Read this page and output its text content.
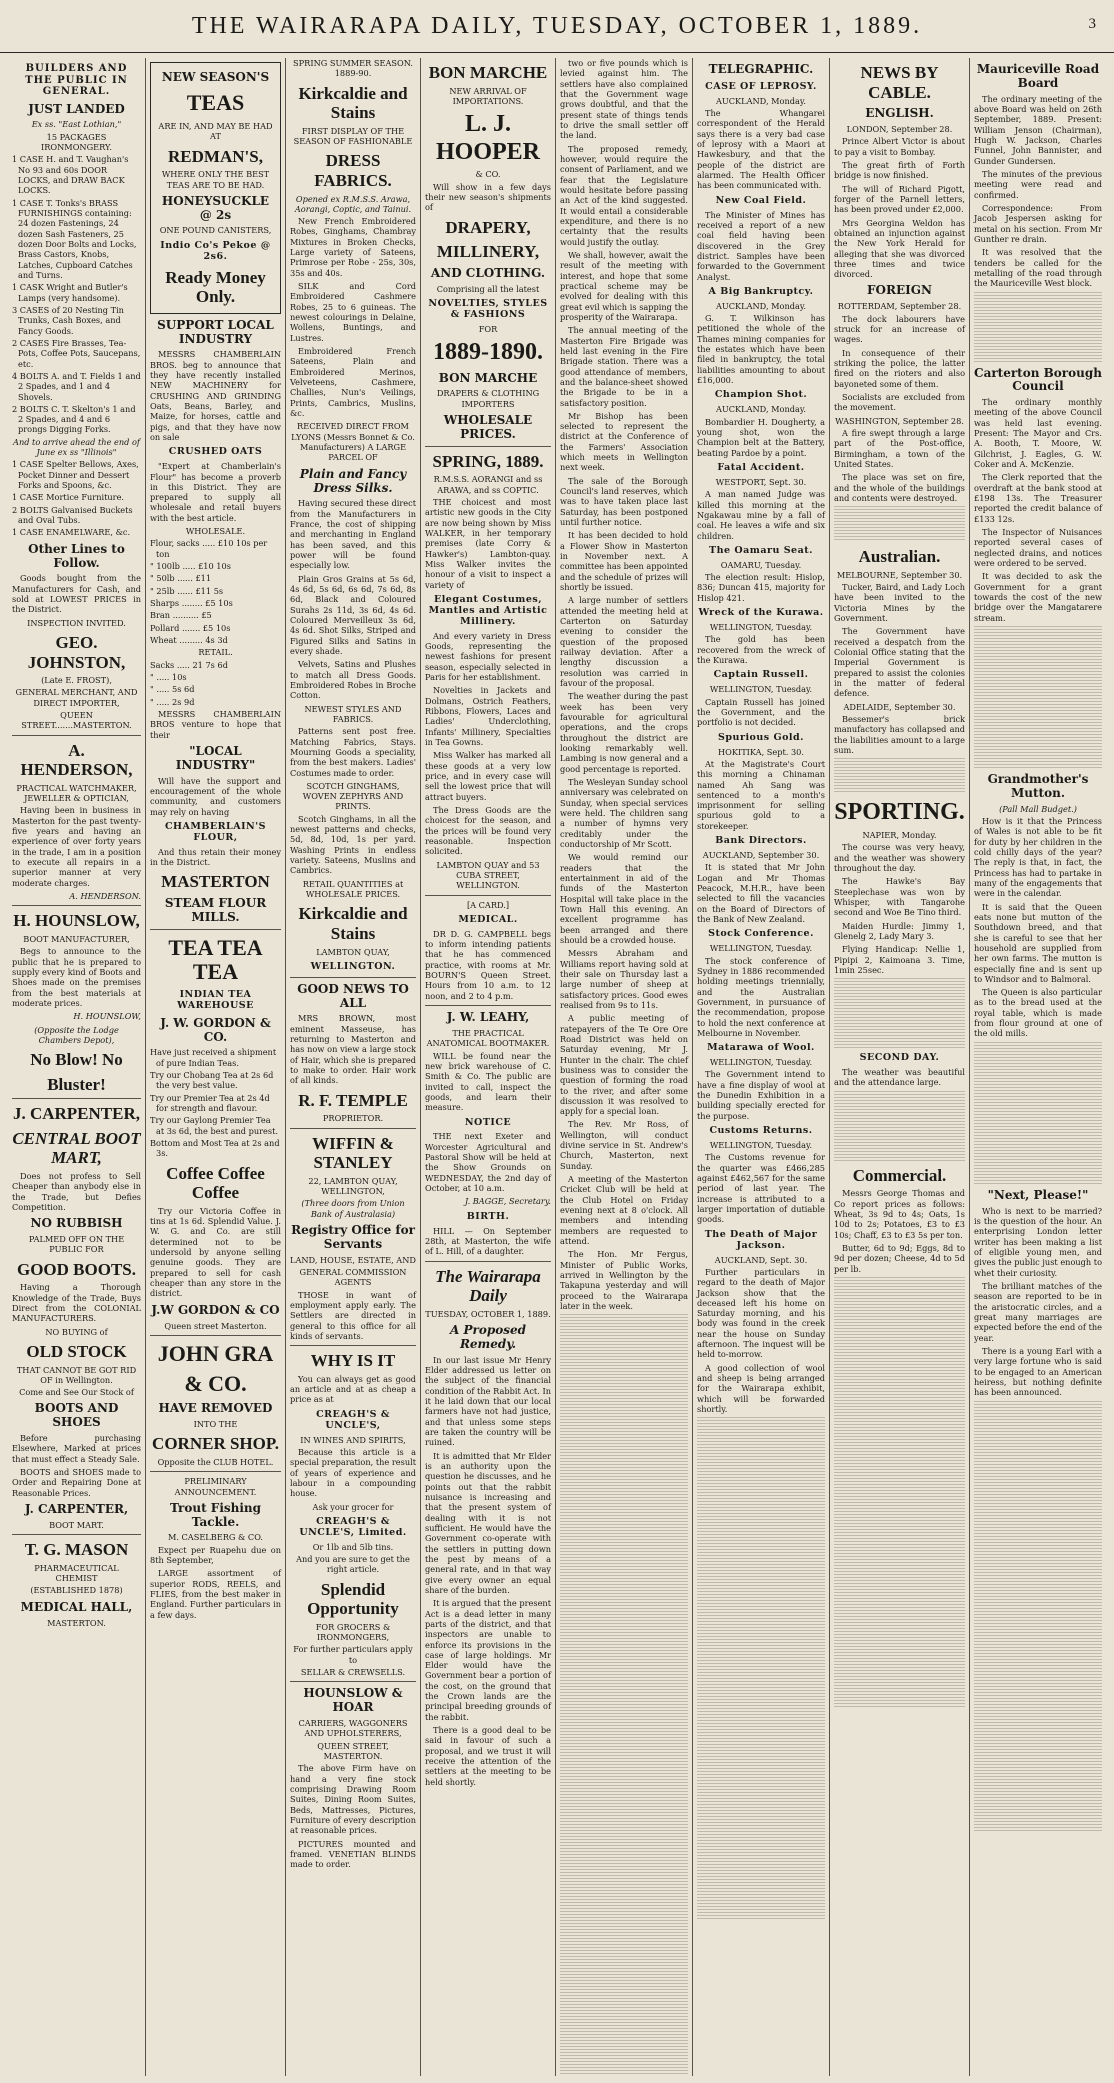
THE WAIRARAPA DAILY, TUESDAY, OCTOBER 1, 1889.	3
BUILDERS AND THE PUBLIC IN GENERAL.
JUST LANDED
Ex ss. "East Lothian,"
15 PACKAGES IRONMONGERY.
1 CASE H. and T. Vaughan's No 93 and 60s DOOR LOCKS, and DRAW BACK LOCKS.
1 CASE T. Tonks's BRASS FURNISHINGS containing: 24 dozen Fastenings, 24 dozen Sash Fasteners, 25 dozen Door Bolts and Locks, Brass Castors, Knobs, Latches, Cupboard Catches and Turns.
1 CASK Wright and Butler's Lamps (very handsome).
3 CASES of 20 Nesting Tin Trunks, Cash Boxes, and Fancy Goods.
2 CASES Fire Brasses, Tea-Pots, Coffee Pots, Saucepans, etc.
4 BOLTS A. and T. Fields 1 and 2 Spades, and 1 and 4 Shovels.
2 BOLTS C. T. Skelton's 1 and 2 Spades, and 4 and 6 prongs Digging Forks.
And to arrive ahead the end of June ex ss "Illinois"
1 CASE Spelter Bellows, Axes, Pocket Dinner and Dessert Forks and Spoons, &c.
1 CASE Mortice Furniture.
2 BOLTS Galvanised Buckets and Oval Tubs.
1 CASE ENAMELWARE, &c.
Other Lines to Follow.
Goods bought from the Manufacturers for Cash, and sold at LOWEST PRICES in the District.
INSPECTION INVITED.
GEO. JOHNSTON,
(Late E. FROST),
GENERAL MERCHANT, AND DIRECT IMPORTER,
QUEEN STREET.......MASTERTON.
A. HENDERSON,
PRACTICAL WATCHMAKER, JEWELLER & OPTICIAN,
Having been in business in Masterton for the past twenty-five years and having an experience of over forty years in the trade, I am in a position to execute all repairs in a superior manner at very moderate charges.
A. HENDERSON.
H. HOUNSLOW,
BOOT MANUFACTURER,
Begs to announce to the public that he is prepared to supply every kind of Boots and Shoes made on the premises from the best materials at moderate prices.
H. HOUNSLOW,
(Opposite the Lodge Chambers Depot),
No Blow! No
Bluster!
J. CARPENTER,
CENTRAL BOOT MART,
Does not profess to Sell Cheaper than anybody else in the Trade, but Defies Competition.
NO RUBBISH
PALMED OFF ON THE PUBLIC FOR
GOOD BOOTS.
Having a Thorough Knowledge of the Trade, Buys Direct from the COLONIAL MANUFACTURERS.
NO BUYING of
OLD STOCK
THAT CANNOT BE GOT RID OF in Wellington.
Come and See Our Stock of
BOOTS AND SHOES
Before purchasing Elsewhere, Marked at prices that must effect a Steady Sale.
BOOTS and SHOES made to Order and Repairing Done at Reasonable Prices.
J. CARPENTER,
BOOT MART.
T. G. MASON
PHARMACEUTICAL CHEMIST
(ESTABLISHED 1878)
MEDICAL HALL,
MASTERTON.
NEW SEASON'S
TEAS
ARE IN, AND MAY BE HAD AT
REDMAN'S,
WHERE ONLY THE BEST TEAS ARE TO BE HAD.
HONEYSUCKLE @ 2s
ONE POUND CANISTERS,
Indio Co's Pekoe @ 2s6.
Ready Money Only.
SUPPORT LOCAL INDUSTRY
MESSRS CHAMBERLAIN BROS. beg to announce that they have recently installed NEW MACHINERY for CRUSHING AND GRINDING Oats, Beans, Barley, and Maize, for horses, cattle and pigs, and that they have now on sale
CRUSHED OATS
"Expert at Chamberlain's Flour" has become a proverb in this District. They are prepared to supply all wholesale and retail buyers with the best article.
WHOLESALE.
Flour, sacks ..... £10 10s per ton
" 100lb ..... £10 10s
" 50lb ...... £11
" 25lb ...... £11 5s
Sharps ........ £5 10s
Bran .......... £5
Pollard ....... £5 10s
Wheat ......... 4s 3d
RETAIL.
Sacks ..... 21 7s 6d
" ..... 10s
" ..... 5s 6d
" ..... 2s 9d
MESSRS CHAMBERLAIN BROS venture to hope that their
"LOCAL INDUSTRY"
Will have the support and encouragement of the whole community, and customers may rely on having
CHAMBERLAIN'S FLOUR,
And thus retain their money in the District.
MASTERTON
STEAM FLOUR MILLS.
TEA TEA TEA
INDIAN TEA WAREHOUSE
J. W. GORDON & CO.
Have just received a shipment of pure Indian Teas.
Try our Chobang Tea at 2s 6d the very best value.
Try our Premier Tea at 2s 4d for strength and flavour.
Try our Gaylong Premier Tea at 3s 6d, the best and purest.
Bottom and Most Tea at 2s and 3s.
Coffee Coffee Coffee
Try our Victoria Coffee in tins at 1s 6d. Splendid Value. J. W. G. and Co. are still determined not to be undersold by anyone selling genuine goods. They are prepared to sell for cash cheaper than any store in the district.
J.W GORDON & CO
Queen street Masterton.
JOHN GRA
& CO.
HAVE REMOVED
INTO THE
CORNER SHOP.
Opposite the CLUB HOTEL.
PRELIMINARY ANNOUNCEMENT.
Trout Fishing Tackle.
M. CASELBERG & CO.
Expect per Ruapehu due on 8th September,
LARGE assortment of superior RODS, REELS, and FLIES, from the best maker in England. Further particulars in a few days.
SPRING SUMMER SEASON. 1889-90.
Kirkcaldie and Stains
FIRST DISPLAY OF THE SEASON OF FASHIONABLE
DRESS FABRICS.
Opened ex R.M.S.S. Arawa, Aorangi, Coptic, and Tainui.
New French Embroidered Robes, Ginghams, Chambray Mixtures in Broken Checks, Large variety of Sateens, Primrose per Robe - 25s, 30s, 35s and 40s.
SILK and Cord Embroidered Cashmere Robes, 25 to 6 guineas. The newest colourings in Delaine, Wollens, Buntings, and Lustres.
Embroidered French Sateens, Plain and Embroidered Merinos, Velveteens, Cashmere, Challies, Nun's Veilings, Prints, Cambrics, Muslins, &c.
RECEIVED DIRECT FROM LYONS (Messrs Bonnet & Co. Manufacturers) A LARGE PARCEL OF
Plain and Fancy Dress Silks.
Having secured these direct from the Manufacturers in France, the cost of shipping and merchanting in England has been saved, and this power will be found especially low.
Plain Gros Grains at 5s 6d, 4s 6d, 5s 6d, 6s 6d, 7s 6d, 8s 6d, Black and Coloured Surahs 2s 11d, 3s 6d, 4s 6d. Coloured Merveilleux 3s 6d, 4s 6d. Shot Silks, Striped and Figured Silks and Satins in every shade.
Velvets, Satins and Plushes to match all Dress Goods. Embroidered Robes in Broche Cotton.
NEWEST STYLES AND FABRICS.
Patterns sent post free. Matching Fabrics, Stays. Mourning Goods a speciality, from the best makers. Ladies' Costumes made to order.
SCOTCH GINGHAMS, WOVEN ZEPHYRS AND PRINTS.
Scotch Ginghams, in all the newest patterns and checks, 5d, 8d, 10d, 1s per yard. Washing Prints in endless variety. Sateens, Muslins and Cambrics.
RETAIL QUANTITIES at WHOLESALE PRICES.
Kirkcaldie and Stains
LAMBTON QUAY,
WELLINGTON.
GOOD NEWS TO ALL
MRS BROWN, most eminent Masseuse, has returning to Masterton and has now on view a large stock of Hair, which she is prepared to make to order. Hair work of all kinds.
R. F. TEMPLE
PROPRIETOR.
WIFFIN & STANLEY
22, LAMBTON QUAY, WELLINGTON,
(Three doors from Union Bank of Australasia)
Registry Office for Servants
LAND, HOUSE, ESTATE, AND
GENERAL COMMISSION AGENTS
THOSE in want of employment apply early. The Settlers are directed in general to this office for all kinds of servants.
WHY IS IT
You can always get as good an article and at as cheap a price as at
CREAGH'S & UNCLE'S,
IN WINES AND SPIRITS,
Because this article is a special preparation, the result of years of experience and labour in a compounding house.
Ask your grocer for
CREAGH'S & UNCLE'S, Limited.
Or 1lb and 5lb tins.
And you are sure to get the right article.
Splendid Opportunity
FOR GROCERS & IRONMONGERS,
For further particulars apply to
SELLAR & CREWSELLS.
HOUNSLOW & HOAR
CARRIERS, WAGGONERS AND UPHOLSTERERS,
QUEEN STREET, MASTERTON.
The above Firm have on hand a very fine stock comprising Drawing Room Suites, Dining Room Suites, Beds, Mattresses, Pictures, Furniture of every description at reasonable prices.
PICTURES mounted and framed. VENETIAN BLINDS made to order.
BON MARCHE
NEW ARRIVAL OF IMPORTATIONS.
L. J. HOOPER
& CO.
Will show in a few days their new season's shipments of
DRAPERY,
MILLINERY,
AND CLOTHING.
Comprising all the latest
NOVELTIES, STYLES & FASHIONS
FOR
1889-1890.
BON MARCHE
DRAPERS & CLOTHING IMPORTERS
WHOLESALE PRICES.
SPRING, 1889.
R.M.S.S. AORANGI and ss ARAWA, and ss COPTIC.
THE choicest and most artistic new goods in the City are now being shown by Miss WALKER, in her temporary premises (late Corry & Hawker's) Lambton-quay. Miss Walker invites the honour of a visit to inspect a variety of
Elegant Costumes, Mantles and Artistic Millinery.
And every variety in Dress Goods, representing the newest fashions for present season, especially selected in Paris for her establishment.
Novelties in Jackets and Dolmans, Ostrich Feathers, Ribbons, Flowers, Laces and Ladies' Underclothing, Infants' Millinery, Specialties in Tea Gowns.
Miss Walker has marked all these goods at a very low price, and in every case will sell the lowest price that will attract buyers.
The Dress Goods are the choicest for the season, and the prices will be found very reasonable. Inspection solicited.
LAMBTON QUAY and 53 CUBA STREET, WELLINGTON.
[A CARD.]
MEDICAL.
DR D. G. CAMPBELL begs to inform intending patients that he has commenced practice, with rooms at Mr. BOURN'S Queen Street. Hours from 10 a.m. to 12 noon, and 2 to 4 p.m.
J. W. LEAHY,
THE PRACTICAL ANATOMICAL BOOTMAKER.
WILL be found near the new brick warehouse of C. Smith & Co. The public are invited to call, inspect the goods, and learn their measure.
NOTICE
THE next Exeter and Worcester Agricultural and Pastoral Show will be held at the Show Grounds on WEDNESDAY, the 2nd day of October, at 10 a.m.
J. BAGGE, Secretary.
BIRTH.
HILL — On September 28th, at Masterton, the wife of L. Hill, of a daughter.
The Wairarapa Daily
TUESDAY, OCTOBER 1, 1889.
A Proposed Remedy.
In our last issue Mr Henry Elder addressed us letter on the subject of the financial condition of the Rabbit Act. In it he laid down that our local farmers have not had justice, and that unless some steps are taken the country will be ruined.
It is admitted that Mr Elder is an authority upon the question he discusses, and he points out that the rabbit nuisance is increasing and that the present system of dealing with it is not sufficient. He would have the Government co-operate with the settlers in putting down the pest by means of a general rate, and in that way give every owner an equal share of the burden.
It is argued that the present Act is a dead letter in many parts of the district, and that inspectors are unable to enforce its provisions in the case of large holdings. Mr Elder would have the Government bear a portion of the cost, on the ground that the Crown lands are the principal breeding grounds of the rabbit.
There is a good deal to be said in favour of such a proposal, and we trust it will receive the attention of the settlers at the meeting to be held shortly.
two or five pounds which is levied against him. The settlers have also complained that the Government wage grows doubtful, and that the present state of things tends to drive the small settler off the land.
The proposed remedy, however, would require the consent of Parliament, and we fear that the Legislature would hesitate before passing an Act of the kind suggested. It would entail a considerable expenditure, and there is no certainty that the results would justify the outlay.
We shall, however, await the result of the meeting with interest, and hope that some practical scheme may be evolved for dealing with this great evil which is sapping the prosperity of the Wairarapa.
The annual meeting of the Masterton Fire Brigade was held last evening in the Fire Brigade station. There was a good attendance of members, and the balance-sheet showed the Brigade to be in a satisfactory position.
Mr Bishop has been selected to represent the district at the Conference of the Farmers' Association which meets in Wellington next week.
The sale of the Borough Council's land reserves, which was to have taken place last Saturday, has been postponed until further notice.
It has been decided to hold a Flower Show in Masterton in November next. A committee has been appointed and the schedule of prizes will shortly be issued.
A large number of settlers attended the meeting held at Carterton on Saturday evening to consider the question of the proposed railway deviation. After a lengthy discussion a resolution was carried in favour of the proposal.
The weather during the past week has been very favourable for agricultural operations, and the crops throughout the district are looking remarkably well. Lambing is now general and a good percentage is reported.
The Wesleyan Sunday school anniversary was celebrated on Sunday, when special services were held. The children sang a number of hymns very creditably under the conductorship of Mr Scott.
We would remind our readers that the entertainment in aid of the funds of the Masterton Hospital will take place in the Town Hall this evening. An excellent programme has been arranged and there should be a crowded house.
Messrs Abraham and Williams report having sold at their sale on Thursday last a large number of sheep at satisfactory prices. Good ewes realised from 9s to 11s.
A public meeting of ratepayers of the Te Ore Ore Road District was held on Saturday evening, Mr J. Hunter in the chair. The chief business was to consider the question of forming the road to the river, and after some discussion it was resolved to apply for a special loan.
The Rev. Mr Ross, of Wellington, will conduct divine service in St. Andrew's Church, Masterton, next Sunday.
A meeting of the Masterton Cricket Club will be held at the Club Hotel on Friday evening next at 8 o'clock. All members and intending members are requested to attend.
The Hon. Mr Fergus, Minister of Public Works, arrived in Wellington by the Takapuna yesterday and will proceed to the Wairarapa later in the week.
TELEGRAPHIC.
CASE OF LEPROSY.
AUCKLAND, Monday.
The Whangarei correspondent of the Herald says there is a very bad case of leprosy with a Maori at Hawkesbury, and that the people of the district are alarmed. The Health Officer has been communicated with.
New Coal Field.
The Minister of Mines has received a report of a new coal field having been discovered in the Grey district. Samples have been forwarded to the Government Analyst.
A Big Bankruptcy.
AUCKLAND, Monday.
G. T. Wilkinson has petitioned the whole of the Thames mining companies for the estates which have been filed in bankruptcy, the total liabilities amounting to about £16,000.
Champion Shot.
AUCKLAND, Monday.
Bombardier H. Dougherty, a young shot, won the Champion belt at the Battery, beating Pardoe by a point.
Fatal Accident.
WESTPORT, Sept. 30.
A man named Judge was killed this morning at the Ngakawau mine by a fall of coal. He leaves a wife and six children.
The Oamaru Seat.
OAMARU, Tuesday.
The election result: Hislop, 836; Duncan 415, majority for Hislop 421.
Wreck of the Kurawa.
WELLINGTON, Tuesday.
The gold has been recovered from the wreck of the Kurawa.
Captain Russell.
WELLINGTON, Tuesday.
Captain Russell has joined the Government, and the portfolio is not decided.
Spurious Gold.
HOKITIKA, Sept. 30.
At the Magistrate's Court this morning a Chinaman named Ah Sang was sentenced to a month's imprisonment for selling spurious gold to a storekeeper.
Bank Directors.
AUCKLAND, September 30.
It is stated that Mr John Logan and Mr Thomas Peacock, M.H.R., have been selected to fill the vacancies on the Board of Directors of the Bank of New Zealand.
Stock Conference.
WELLINGTON, Tuesday.
The stock conference of Sydney in 1886 recommended holding meetings triennially, and the Australian Government, in pursuance of the recommendation, propose to hold the next conference at Melbourne in November.
Matarawa of Wool.
WELLINGTON, Tuesday.
The Government intend to have a fine display of wool at the Dunedin Exhibition in a building specially erected for the purpose.
Customs Returns.
WELLINGTON, Tuesday.
The Customs revenue for the quarter was £466,285 against £462,567 for the same period of last year. The increase is attributed to a larger importation of dutiable goods.
The Death of Major Jackson.
AUCKLAND, Sept. 30.
Further particulars in regard to the death of Major Jackson show that the deceased left his home on Saturday morning, and his body was found in the creek near the house on Sunday afternoon. The inquest will be held to-morrow.
A good collection of wool and sheep is being arranged for the Wairarapa exhibit, which will be forwarded shortly.
NEWS BY CABLE.
ENGLISH.
LONDON, September 28.
Prince Albert Victor is about to pay a visit to Bombay.
The great firth of Forth bridge is now finished.
The will of Richard Pigott, forger of the Parnell letters, has been proved under £2,000.
Mrs Georgina Weldon has obtained an injunction against the New York Herald for alleging that she was divorced three times and twice divorced.
FOREIGN
ROTTERDAM, September 28.
The dock labourers have struck for an increase of wages.
In consequence of their striking the police, the latter fired on the rioters and also bayoneted some of them.
Socialists are excluded from the movement.
WASHINGTON, September 28.
A fire swept through a large part of the Post-office, Birmingham, a town of the United States.
The place was set on fire, and the whole of the buildings and contents were destroyed.
Australian.
MELBOURNE, September 30.
Tucker, Baird, and Lady Loch have been invited to the Victoria Mines by the Government.
The Government have received a despatch from the Colonial Office stating that the Imperial Government is prepared to assist the colonies in the matter of federal defence.
ADELAIDE, September 30.
Bessemer's brick manufactory has collapsed and the liabilities amount to a large sum.
SPORTING.
NAPIER, Monday.
The course was very heavy, and the weather was showery throughout the day.
The Hawke's Bay Steeplechase was won by Whisper, with Tangarohe second and Woe Be Tino third.
Maiden Hurdle: Jimmy 1, Glenelg 2, Lady Mary 3.
Flying Handicap: Nellie 1, Pipipi 2, Kaimoana 3. Time, 1min 25sec.
SECOND DAY.
The weather was beautiful and the attendance large.
Commercial.
Messrs George Thomas and Co report prices as follows: Wheat, 3s 9d to 4s; Oats, 1s 10d to 2s; Potatoes, £3 to £3 10s; Chaff, £3 to £3 5s per ton.
Butter, 6d to 9d; Eggs, 8d to 9d per dozen; Cheese, 4d to 5d per lb.
Mauriceville Road Board
The ordinary meeting of the above Board was held on 26th September, 1889. Present: William Jenson (Chairman), Hugh W. Jackson, Charles Funnel, John Bannister, and Gunder Gundersen.
The minutes of the previous meeting were read and confirmed.
Correspondence: From Jacob Jespersen asking for metal on his section. From Mr Gunther re drain.
It was resolved that the tenders be called for the metalling of the road through the Mauriceville West block.
Carterton Borough Council
The ordinary monthly meeting of the above Council was held last evening. Present: The Mayor and Crs. A. Booth, T. Moore, W. Gilchrist, J. Eagles, G. W. Coker and A. McKenzie.
The Clerk reported that the overdraft at the bank stood at £198 13s. The Treasurer reported the credit balance of £133 12s.
The Inspector of Nuisances reported several cases of neglected drains, and notices were ordered to be served.
It was decided to ask the Government for a grant towards the cost of the new bridge over the Mangatarere stream.
Grandmother's Mutton.
(Pall Mall Budget.)
How is it that the Princess of Wales is not able to be fit for duty by her children in the cold chilly days of the year? The reply is that, in fact, the Princess has had to partake in many of the engagements that were in the calendar.
It is said that the Queen eats none but mutton of the Southdown breed, and that she is careful to see that her household are supplied from her own farms. The mutton is especially fine and is sent up to Windsor and to Balmoral.
The Queen is also particular as to the bread used at the royal table, which is made from flour ground at one of the old mills.
"Next, Please!"
Who is next to be married? is the question of the hour. An enterprising London letter writer has been making a list of eligible young men, and gives the public just enough to whet their curiosity.
The brilliant matches of the season are reported to be in the aristocratic circles, and a great many marriages are expected before the end of the year.
There is a young Earl with a very large fortune who is said to be engaged to an American heiress, but nothing definite has been announced.
